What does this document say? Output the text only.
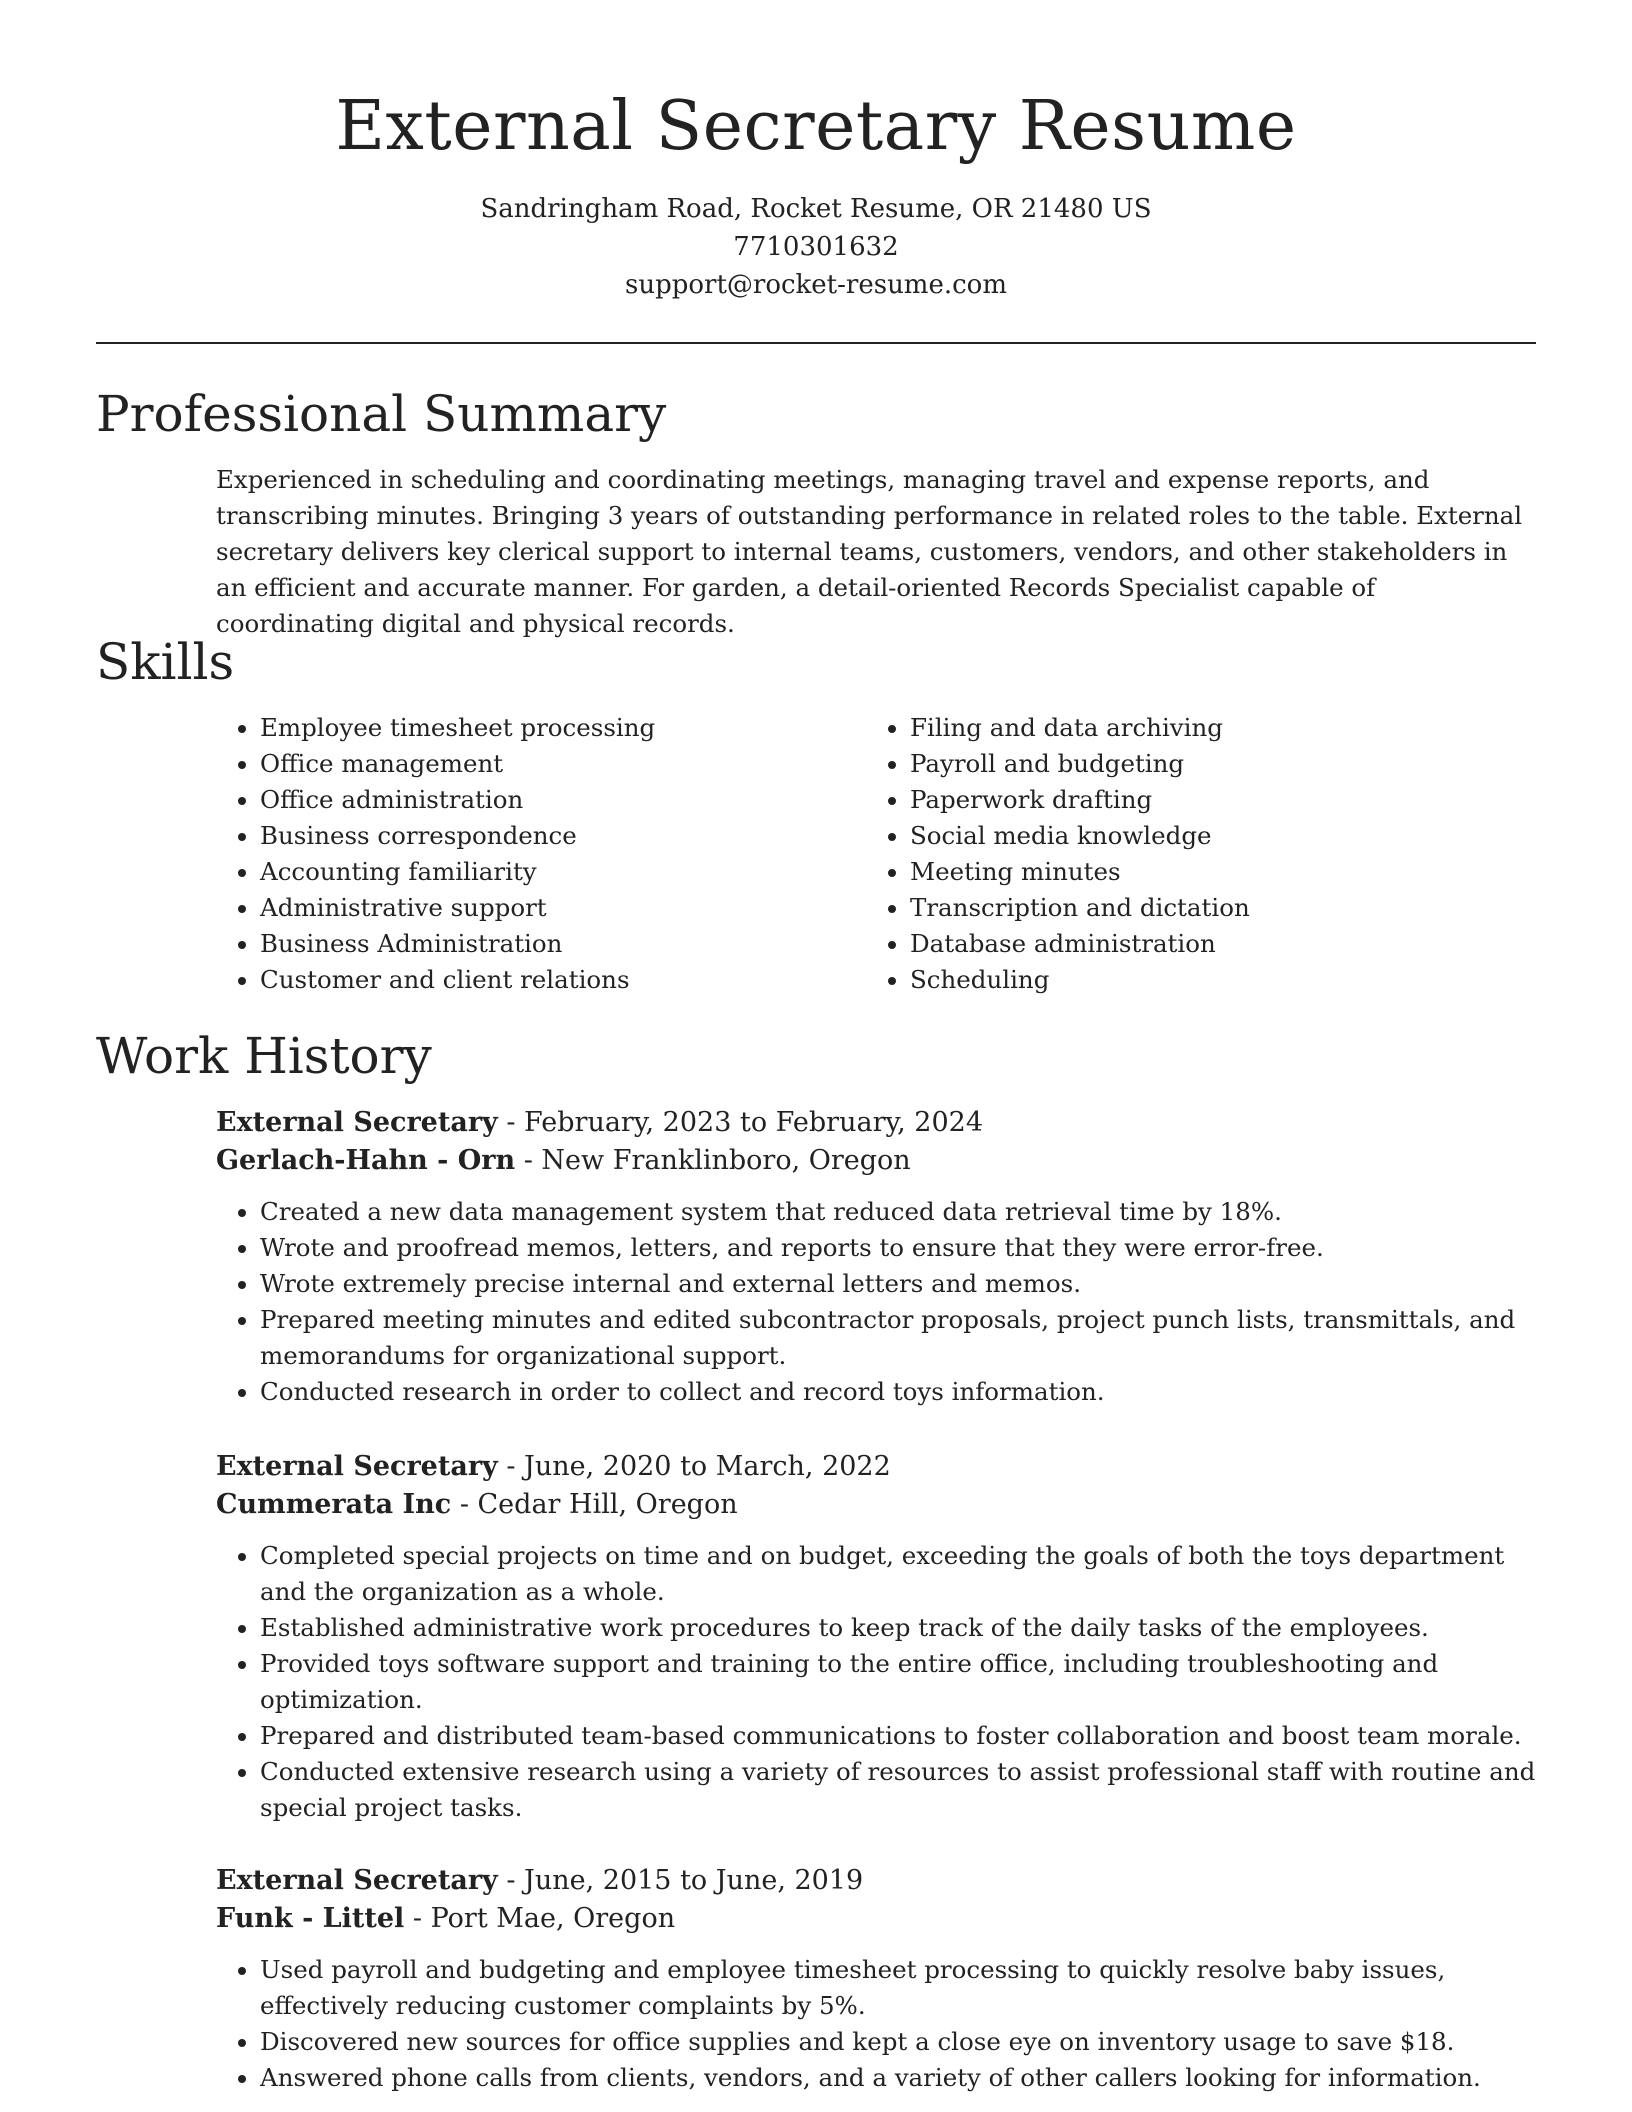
External Secretary Resume

Sandringham Road, Rocket Resume, OR 21480 US

7710301632

support@rocket-resume.com

Professional Summary

Experienced in scheduling and coordinating meetings, managing travel and expense reports, and transcribing minutes. Bringing 3 years of outstanding performance in related roles to the table. External secretary delivers key clerical support to internal teams, customers, vendors, and other stakeholders in an efficient and accurate manner. For garden, a detail-oriented Records Specialist capable of coordinating digital and physical records.

Skills
• Employee timesheet processing
• Office management
• Office administration
• Business correspondence
• Accounting familiarity
• Administrative support
• Business Administration
• Customer and client relations
• Filing and data archiving
• Payroll and budgeting
• Paperwork drafting
• Social media knowledge
• Meeting minutes
• Transcription and dictation
• Database administration
• Scheduling
Work History

External Secretary - February, 2023 to February, 2024

Gerlach-Hahn - Orn - New Franklinboro, Oregon

• Created a new data management system that reduced data retrieval time by 18%.
• Wrote and proofread memos, letters, and reports to ensure that they were error-free.
• Wrote extremely precise internal and external letters and memos.
• Prepared meeting minutes and edited subcontractor proposals, project punch lists, transmittals, and memorandums for organizational support.
• Conducted research in order to collect and record toys information.

External Secretary - June, 2020 to March, 2022

Cummerata Inc - Cedar Hill, Oregon

• Completed special projects on time and on budget, exceeding the goals of both the toys department and the organization as a whole.
• Established administrative work procedures to keep track of the daily tasks of the employees.
• Provided toys software support and training to the entire office, including troubleshooting and optimization.
• Prepared and distributed team-based communications to foster collaboration and boost team morale.
• Conducted extensive research using a variety of resources to assist professional staff with routine and special project tasks.

External Secretary - June, 2015 to June, 2019

Funk - Littel - Port Mae, Oregon

• Used payroll and budgeting and employee timesheet processing to quickly resolve baby issues, effectively reducing customer complaints by 5%.
• Discovered new sources for office supplies and kept a close eye on inventory usage to save $18.
• Answered phone calls from clients, vendors, and a variety of other callers looking for information.
